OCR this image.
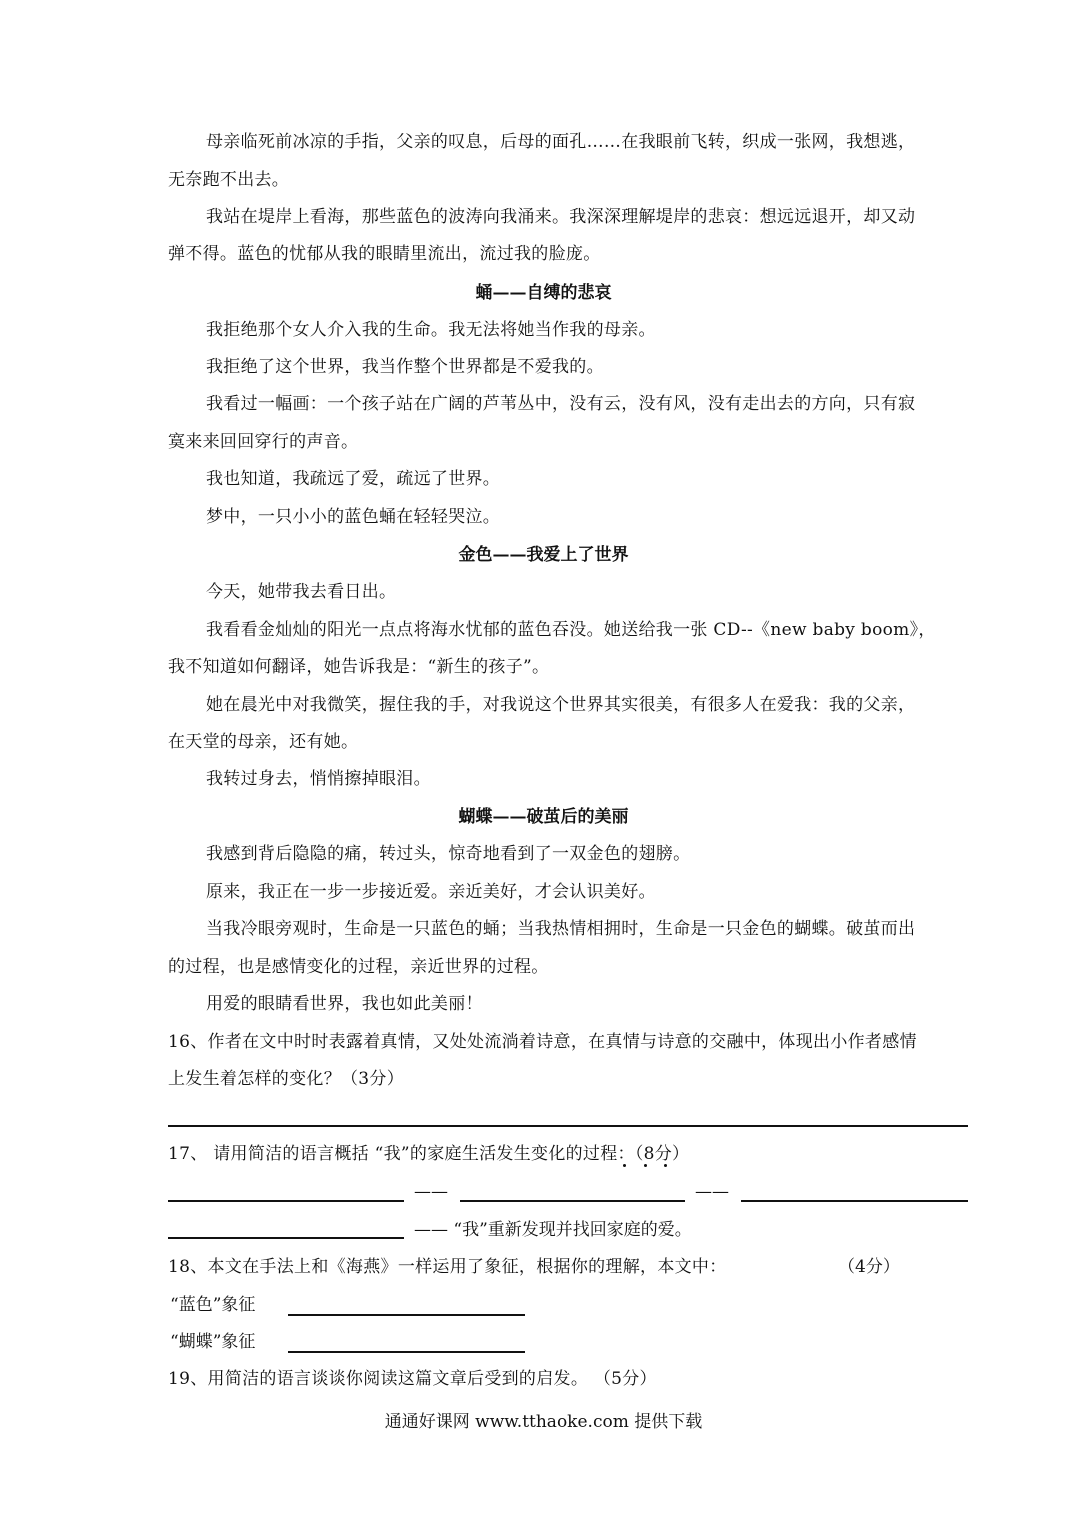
母亲临死前冰凉的手指，父亲的叹息，后母的面孔……在我眼前飞转，织成一张网，我想逃，
无奈跑不出去。
我站在堤岸上看海，那些蓝色的波涛向我涌来。我深深理解堤岸的悲哀：想远远退开，却又动
弹不得。蓝色的忧郁从我的眼睛里流出，流过我的脸庞。
蛹——自缚的悲哀
我拒绝那个女人介入我的生命。我无法将她当作我的母亲。
我拒绝了这个世界，我当作整个世界都是不爱我的。
我看过一幅画：一个孩子站在广阔的芦苇丛中，没有云，没有风，没有走出去的方向，只有寂
寞来来回回穿行的声音。
我也知道，我疏远了爱，疏远了世界。
梦中，一只小小的蓝色蛹在轻轻哭泣。
金色——我爱上了世界
今天，她带我去看日出。
我看看金灿灿的阳光一点点将海水忧郁的蓝色吞没。她送给我一张 CD--《new baby boom》，
我不知道如何翻译，她告诉我是：“新生的孩子”。
她在晨光中对我微笑，握住我的手，对我说这个世界其实很美，有很多人在爱我：我的父亲，
在天堂的母亲，还有她。
我转过身去，悄悄擦掉眼泪。
蝴蝶——破茧后的美丽
我感到背后隐隐的痛，转过头，惊奇地看到了一双金色的翅膀。
原来，我正在一步一步接近爱。亲近美好，才会认识美好。
当我冷眼旁观时，生命是一只蓝色的蛹；当我热情相拥时，生命是一只金色的蝴蝶。破茧而出
的过程，也是感情变化的过程，亲近世界的过程。
用爱的眼睛看世界，我也如此美丽！
16、作者在文中时时表露着真情，又处处流淌着诗意，在真情与诗意的交融中，体现出小作者感情
上发生着怎样的变化？（3分）
17、 请用简洁的语言概括 “我”的家庭生活发生变化的过程：（8分）
——	——
—— “我”重新发现并找回家庭的爱。
18、本文在手法上和《海燕》一样运用了象征，根据你的理解，本文中：	（4分）
“蓝色”象征
“蝴蝶”象征
19、用简洁的语言谈谈你阅读这篇文章后受到的启发。 （5分）
通通好课网 www.tthaoke.com 提供下载
